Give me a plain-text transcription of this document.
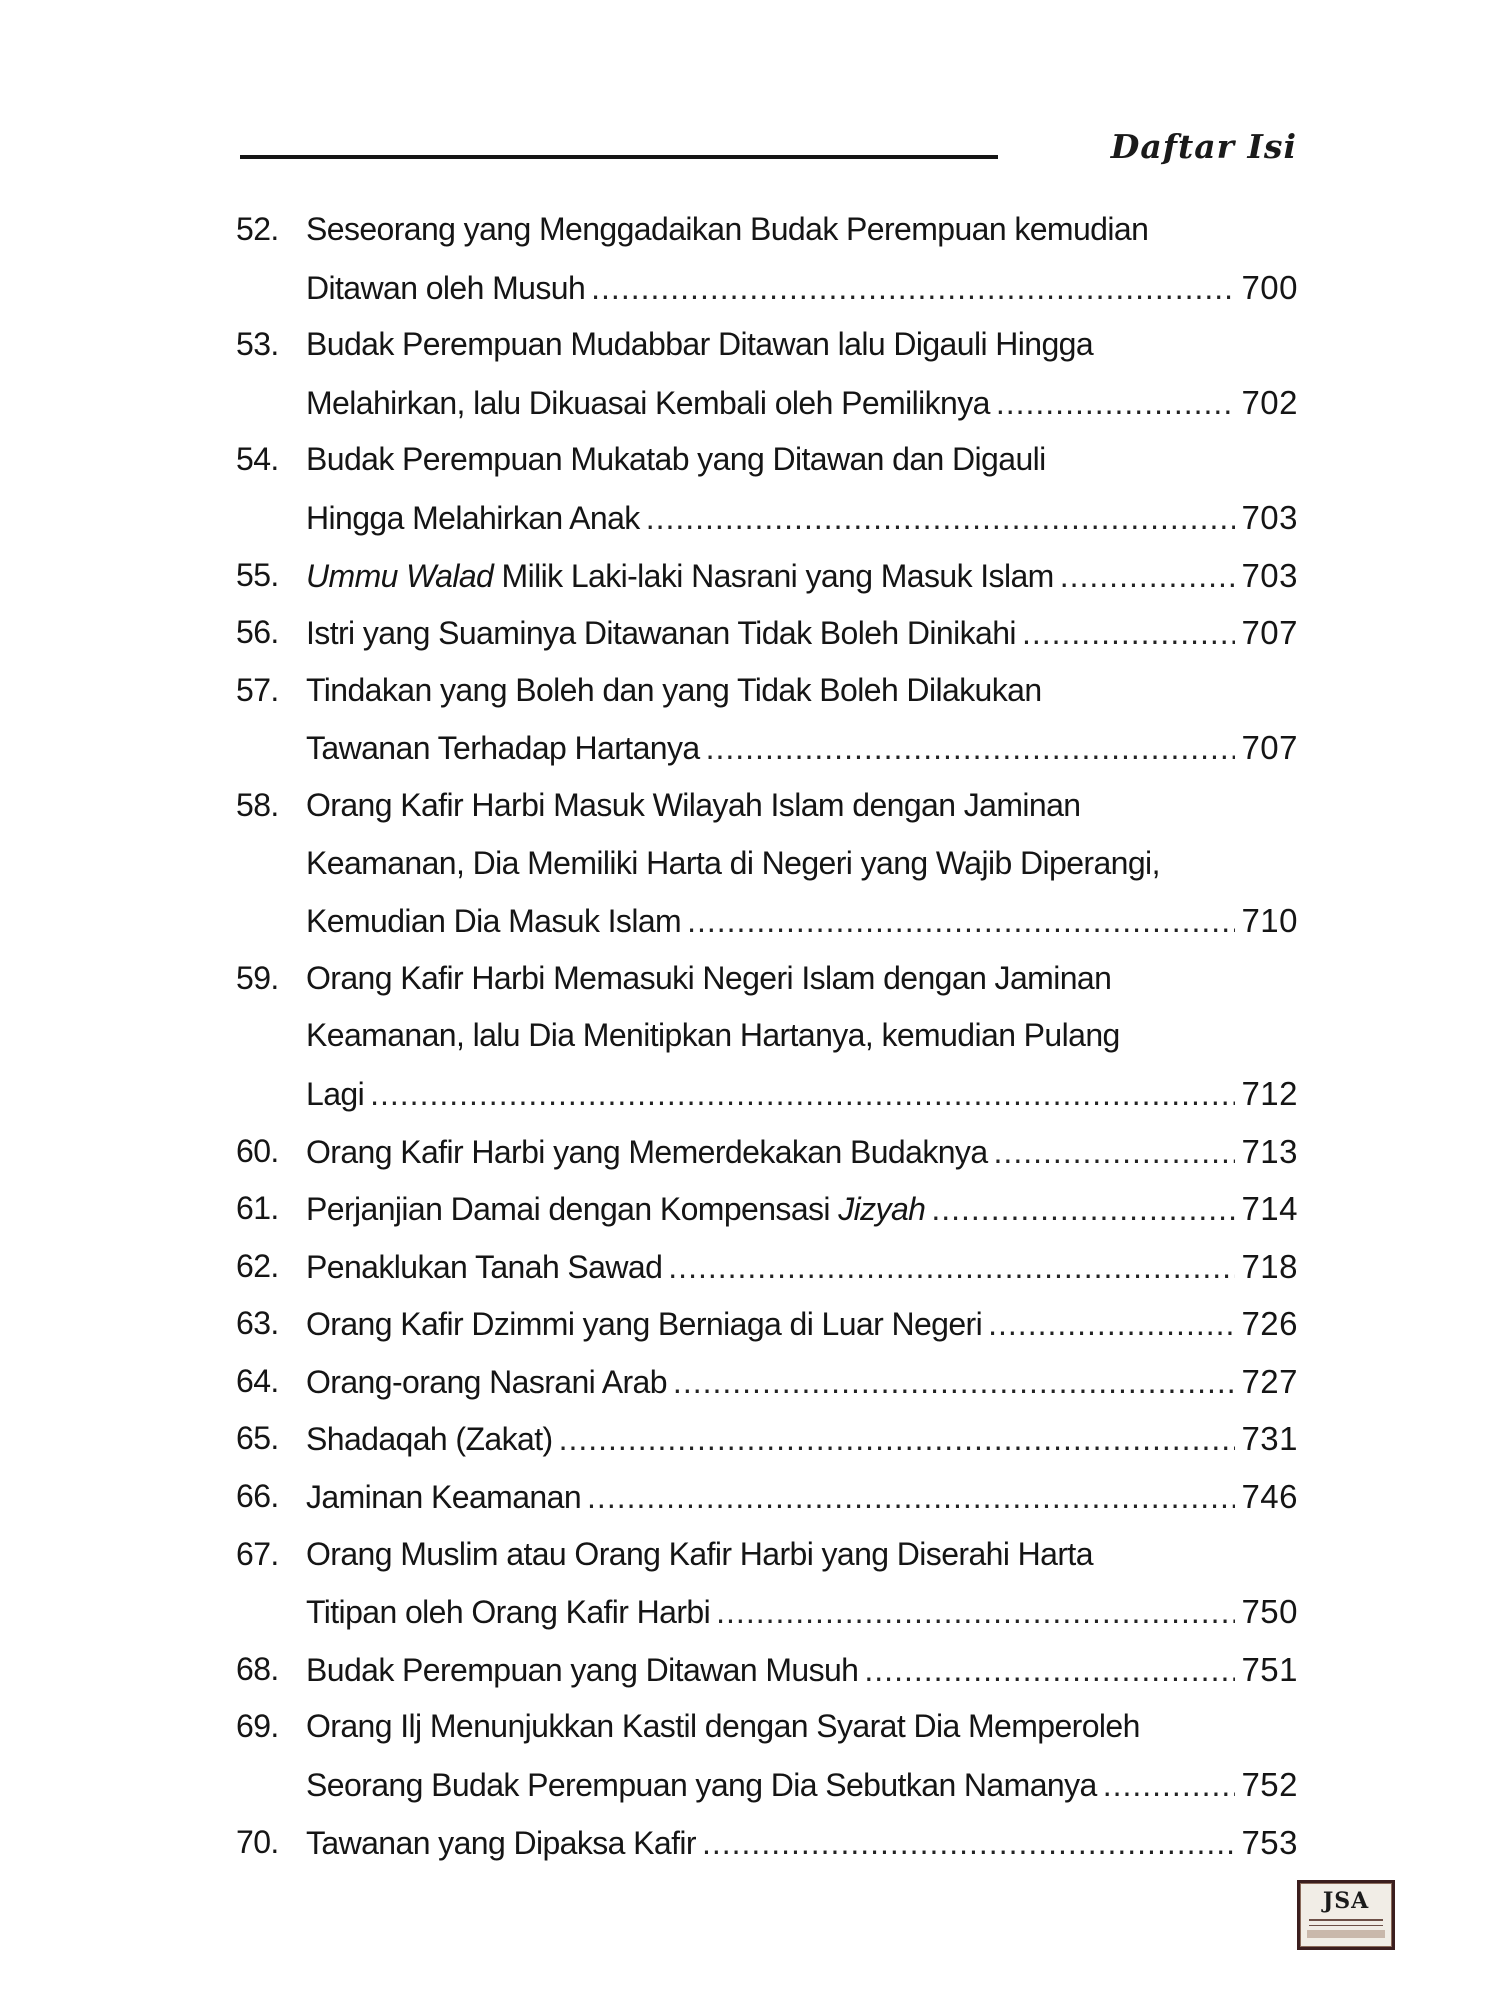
Daftar Isi
52. Seseorang yang Menggadaikan Budak Perempuan kemudian
Ditawan oleh Musuh .....	700
53. Budak Perempuan Mudabbar Ditawan lalu Digauli Hingga
Melahirkan, lalu Dikuasai Kembali oleh Pemiliknya .....	702
54. Budak Perempuan Mukatab yang Ditawan dan Digauli
Hingga Melahirkan Anak .....	703
55. Ummu Walad Milik Laki-laki Nasrani yang Masuk Islam .....	703
56. Istri yang Suaminya Ditawanan Tidak Boleh Dinikahi .....	707
57. Tindakan yang Boleh dan yang Tidak Boleh Dilakukan
Tawanan Terhadap Hartanya .....	707
58. Orang Kafir Harbi Masuk Wilayah Islam dengan Jaminan
Keamanan, Dia Memiliki Harta di Negeri yang Wajib Diperangi,
Kemudian Dia Masuk Islam .....	710
59. Orang Kafir Harbi Memasuki Negeri Islam dengan Jaminan
Keamanan, lalu Dia Menitipkan Hartanya, kemudian Pulang
Lagi .....	712
60. Orang Kafir Harbi yang Memerdekakan Budaknya .....	713
61. Perjanjian Damai dengan Kompensasi Jizyah .....	714
62. Penaklukan Tanah Sawad .....	718
63. Orang Kafir Dzimmi yang Berniaga di Luar Negeri .....	726
64. Orang-orang Nasrani Arab .....	727
65. Shadaqah (Zakat) .....	731
66. Jaminan Keamanan .....	746
67. Orang Muslim atau Orang Kafir Harbi yang Diserahi Harta
Titipan oleh Orang Kafir Harbi .....	750
68. Budak Perempuan yang Ditawan Musuh .....	751
69. Orang Ilj Menunjukkan Kastil dengan Syarat Dia Memperoleh
Seorang Budak Perempuan yang Dia Sebutkan Namanya .....	752
70. Tawanan yang Dipaksa Kafir .....	753
JSA
